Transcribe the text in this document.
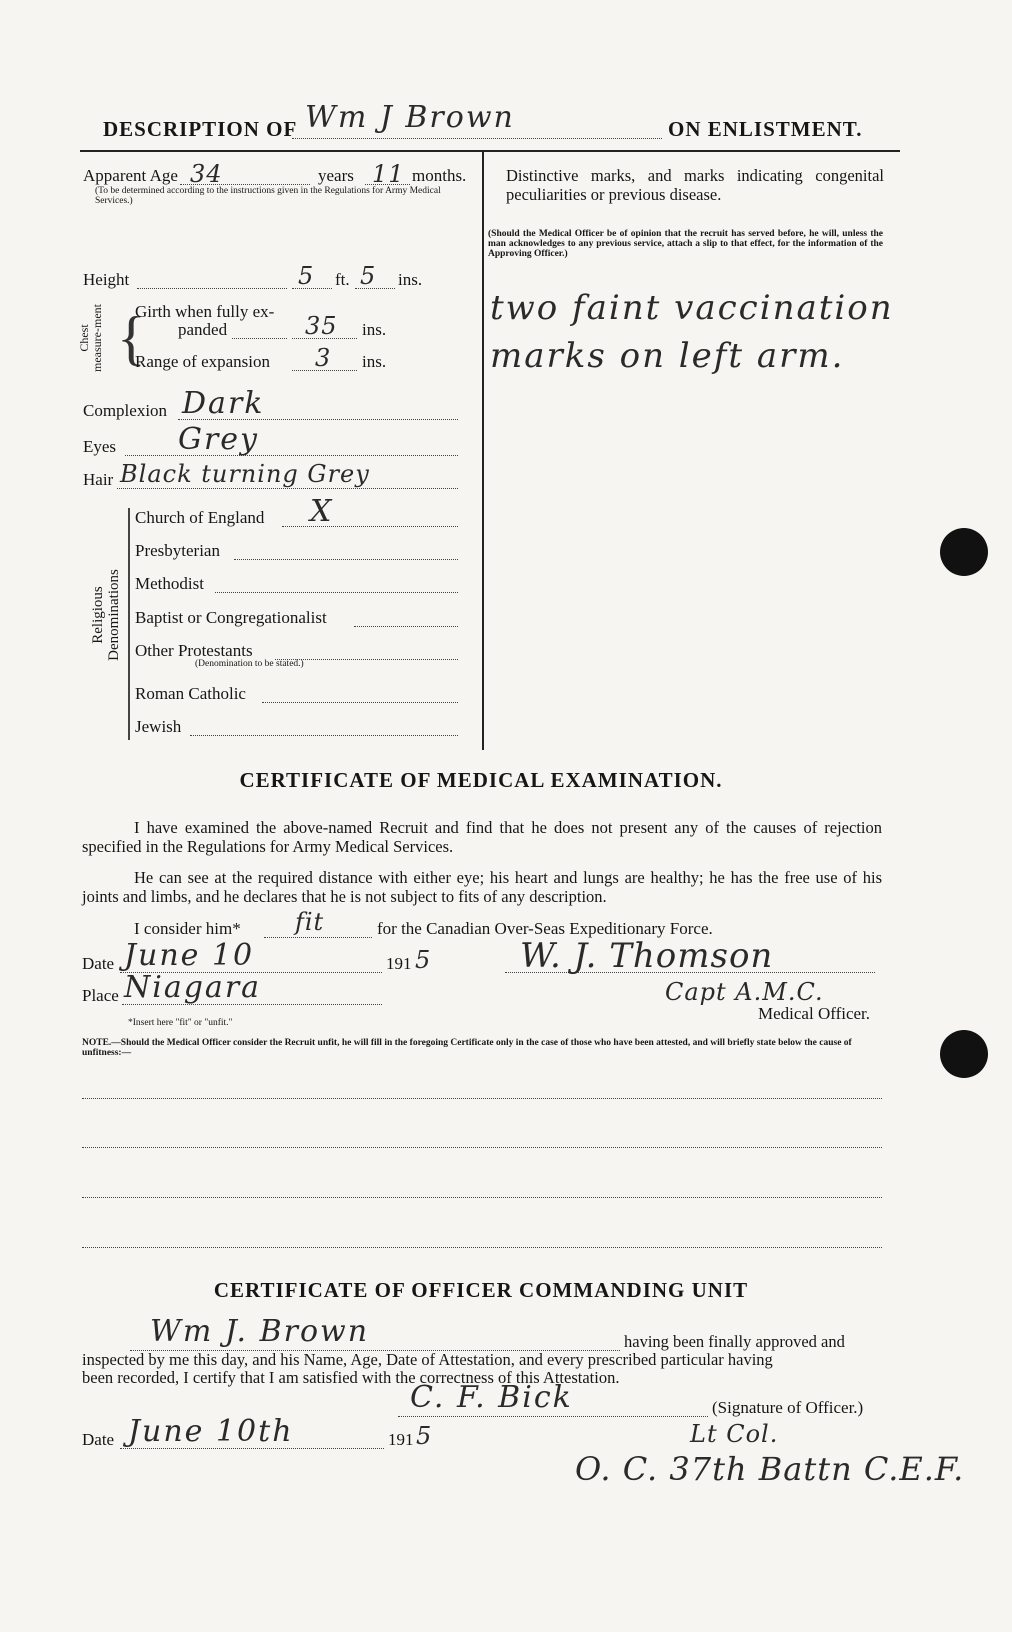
DESCRIPTION OF Wm J Brown	ON ENLISTMENT.
Apparent Age 34	years 11 months.
(To be determined according to the instructions given in the Regulations for Army Medical Services.)
Height	5 ft. 5 ins.
Chest measure-ment {
Girth when fully ex-
panded	35 ins.
Range of expansion 3 ins.
Complexion Dark
Eyes Grey
Hair Black turning Grey
Religious Denominations
Church of England X
Presbyterian
Methodist
Baptist or Congregationalist
Other Protestants
(Denomination to be stated.)
Roman Catholic
Jewish
Distinctive marks, and marks indicating congenital peculiarities or previous disease.
(Should the Medical Officer be of opinion that the recruit has served before, he will, unless the man acknowledges to any previous service, attach a slip to that effect, for the information of the Approving Officer.)
two faint vaccination
marks on left arm.
CERTIFICATE OF MEDICAL EXAMINATION.
I have examined the above-named Recruit and find that he does not present any of the causes of rejection specified in the Regulations for Army Medical Services.
He can see at the required distance with either eye; his heart and lungs are healthy; he has the free use of his joints and limbs, and he declares that he is not subject to fits of any description.
I consider him* fit	for the Canadian Over-Seas Expeditionary Force.
Date June 10	191 5	W. J. Thomson
Place Niagara	Capt A.M.C.
Medical Officer.
*Insert here "fit" or "unfit."
NOTE.—Should the Medical Officer consider the Recruit unfit, he will fill in the foregoing Certificate only in the case of those who have been attested, and will briefly state below the cause of unfitness:—
CERTIFICATE OF OFFICER COMMANDING UNIT
Wm J. Brown	having been finally approved and
inspected by me this day, and his Name, Age, Date of Attestation, and every prescribed particular having
been recorded, I certify that I am satisfied with the correctness of this Attestation.
C. F. Bick	(Signature of Officer.)
Date June 10th	191 5	Lt Col.
O. C. 37th Battn C.E.F.
